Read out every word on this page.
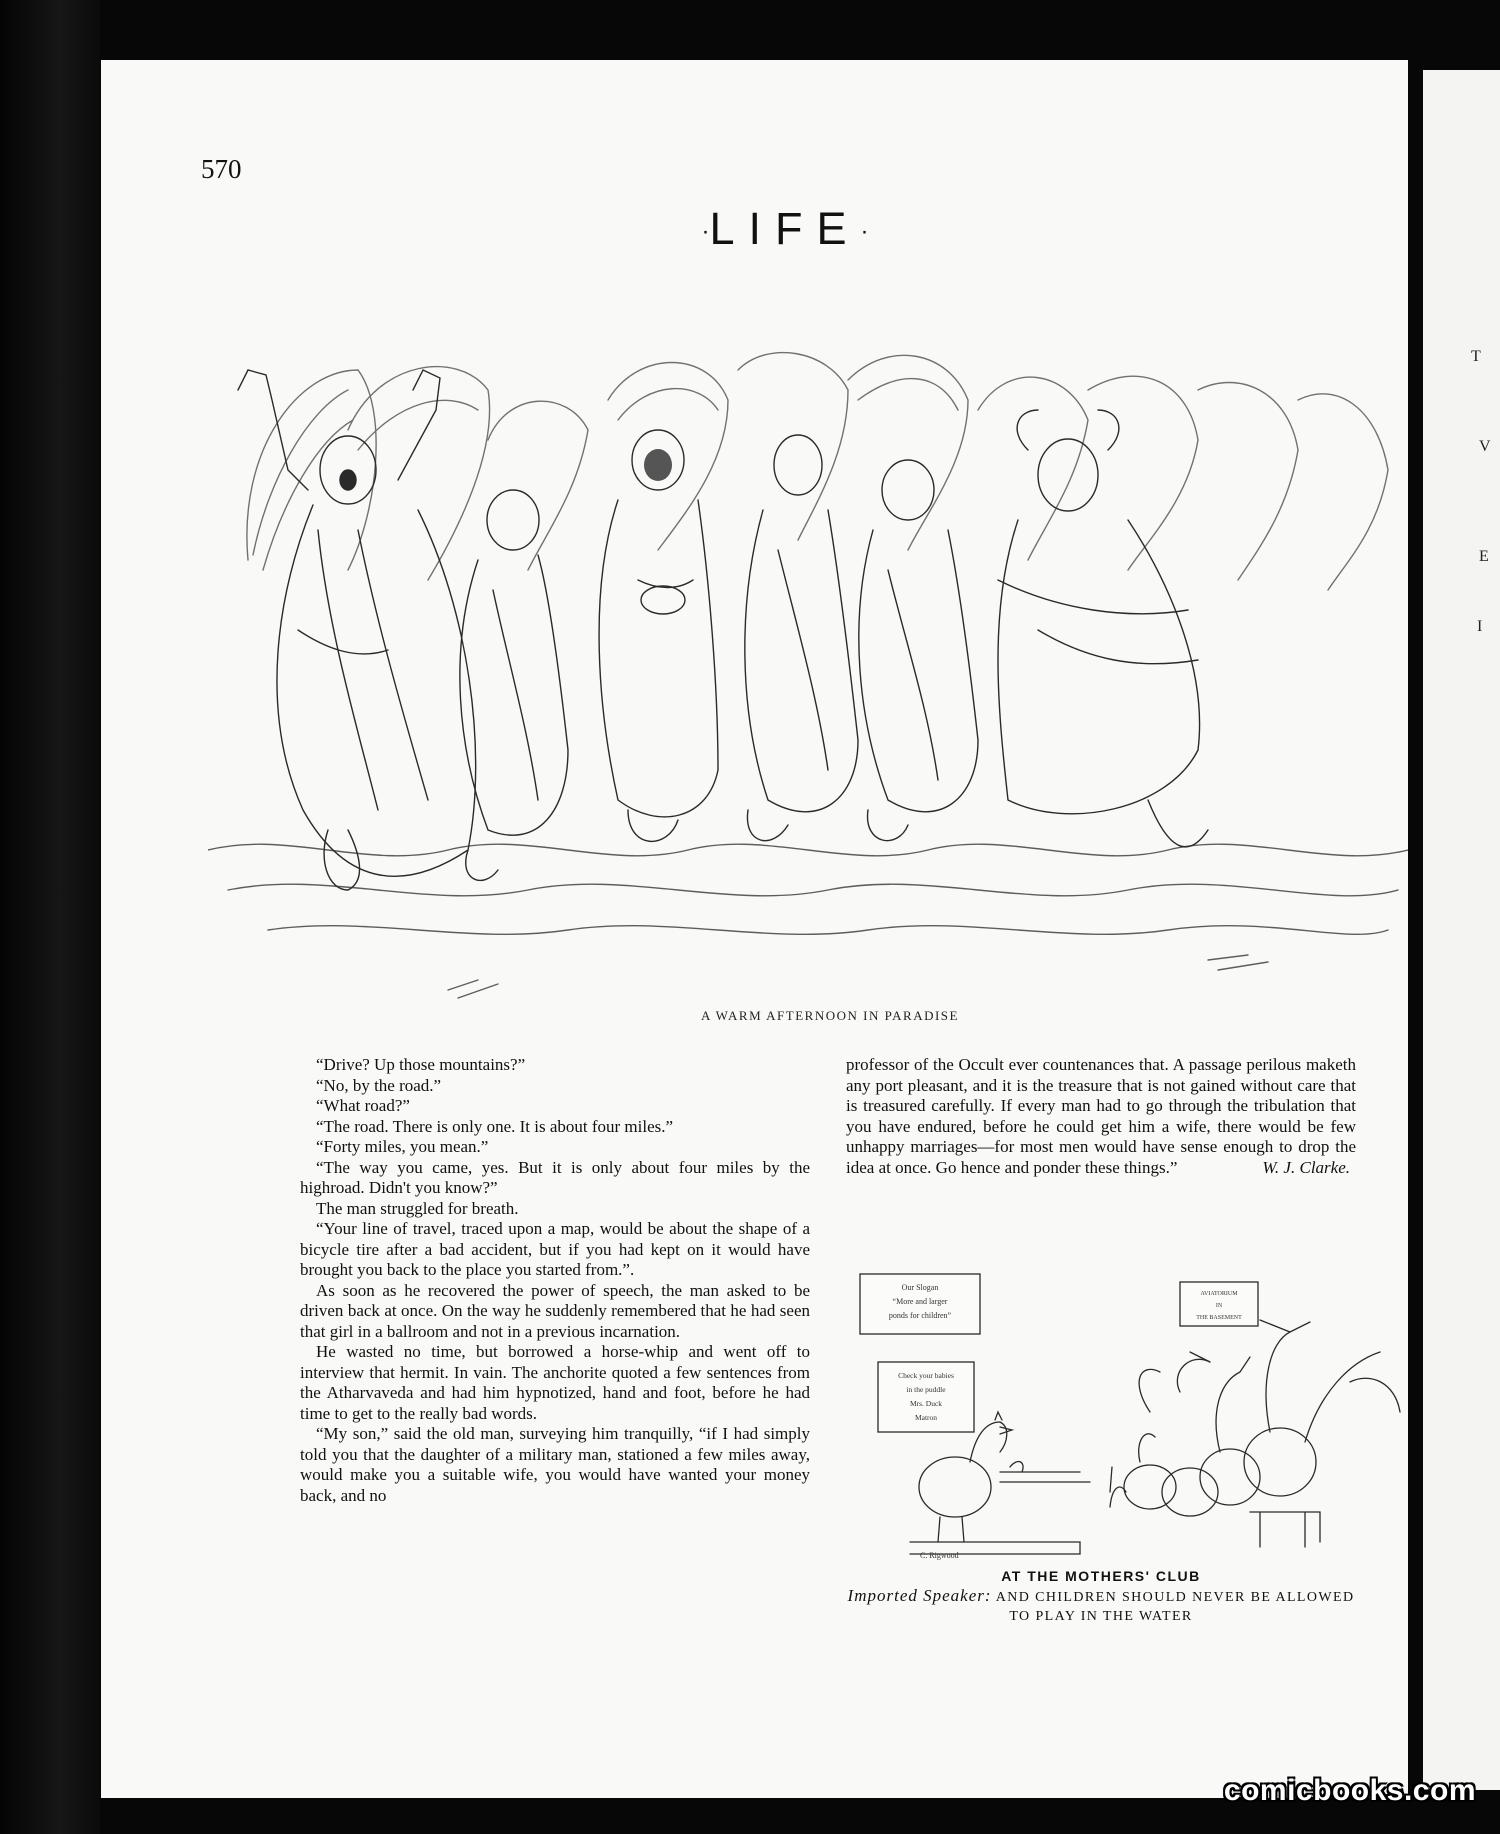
T
V
E
I
570
·LIFE·
A WARM AFTERNOON IN PARADISE

“Drive? Up those mountains?”

“No, by the road.”

“What road?”

“The road. There is only one. It is about four miles.”

“Forty miles, you mean.”

“The way you came, yes. But it is only about four miles by the highroad. Didn't you know?”

The man struggled for breath.

“Your line of travel, traced upon a map, would be about the shape of a bicycle tire after a bad accident, but if you had kept on it would have brought you back to the place you started from.”.

As soon as he recovered the power of speech, the man asked to be driven back at once. On the way he suddenly remembered that he had seen that girl in a ballroom and not in a previous incarnation.

He wasted no time, but borrowed a horse-whip and went off to interview that hermit. In vain. The anchorite quoted a few sentences from the Atharvaveda and had him hypnotized, hand and foot, before he had time to get to the really bad words.

“My son,” said the old man, surveying him tranquilly, “if I had simply told you that the daughter of a military man, stationed a few miles away, would make you a suitable wife, you would have wanted your money back, and no

professor of the Occult ever countenances that. A passage perilous maketh any port pleasant, and it is the treasure that is not gained without care that is treasured carefully. If every man had to go through the tribulation that you have endured, before he could get him a wife, there would be few unhappy marriages—for most men would have sense enough to drop the idea at once. Go hence and ponder these things.”	W. J. Clarke.

Our Slogan
“More and larger
ponds for children”
Check your babies
in the puddle
Mrs. Duck
Matron
AVIATORIUM
IN
THE BASEMENT
C. Rigwood
AT THE MOTHERS' CLUB
Imported Speaker: AND CHILDREN SHOULD NEVER BE ALLOWED TO PLAY IN THE WATER
comicbooks.com
